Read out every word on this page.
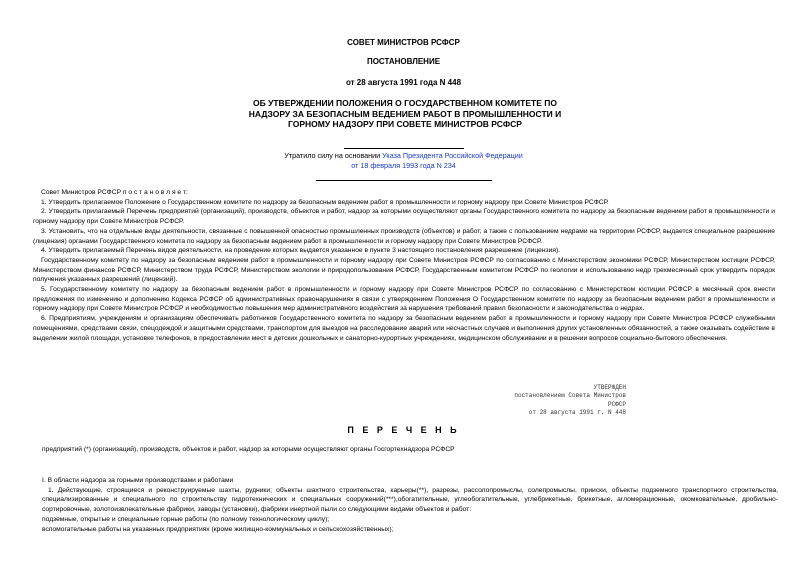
СОВЕТ МИНИСТРОВ РСФСР
ПОСТАНОВЛЕНИЕ
от 28 августа 1991 года N 448
ОБ УТВЕРЖДЕНИИ ПОЛОЖЕНИЯ О ГОСУДАРСТВЕННОМ КОМИТЕТЕ ПО НАДЗОРУ ЗА БЕЗОПАСНЫМ ВЕДЕНИЕМ РАБОТ В ПРОМЫШЛЕННОСТИ И ГОРНОМУ НАДЗОРУ ПРИ СОВЕТЕ МИНИСТРОВ РСФСР
Утратило силу на основании Указа Президента Российской Федерации
от 18 февраля 1993 года N 234

Совет Министров РСФСР п о с т а н о в л я е т:

1. Утвердить прилагаемое Положение о Государственном комитете по надзору за безопасным ведением работ в промышленности и горному надзору при Совете Министров РСФСР.

2. Утвердить прилагаемый Перечень предприятий (организаций), производств, объектов и работ, надзор за которыми осуществляют органы Государственного комитета по надзору за безопасным ведением работ в промышленности и горному надзору при Совете Министров РСФСР.

3. Установить, что на отдельные виды деятельности, связанные с повышенной опасностью промышленных производств (объектов) и работ, а также с пользованием недрами на территории РСФСР, выдается специальное разрешение (лицензия) органами Государственного комитета по надзору за безопасным ведением работ в промышленности и горному надзору при Совете Министров РСФСР.

4. Утвердить прилагаемый Перечень видов деятельности, на проведение которых выдается указанное в пункте 3 настоящего постановления разрешение (лицензия).

Государственному комитету по надзору за безопасным ведением работ в промышленности и горному надзору при Совете Министров РСФСР по согласованию с Министерством экономики РСФСР, Министерством юстиции РСФСР, Министерством финансов РСФСР, Министерством труда РСФСР, Министерством экологии и природопользования РСФСР, Государственным комитетом РСФСР по геологии и использованию недр трехмесячный срок утвердить порядок получения указанных разрешений (лицензий).

5. Государственному комитету по надзору за безопасным ведением работ в промышленности и горному надзору при Совете Министров РСФСР по согласованию с Министерством юстиции РСФСР в месячный срок внести предложения по изменению и дополнению Кодекса РСФСР об административных правонарушениях в связи с утверждением Положения О Государственном комитете по надзору за безопасным ведением работ в промышленности и горному надзору при Совете Министров РСФСР и необходимостью повышения мер административного воздействия за нарушения требований правил безопасности и законодательства о недрах.

6. Предприятиям, учреждениям и организациям обеспечивать работников Государственного комитета по надзору за безопасным ведением работ в промышленности и горному надзору при Совете Министров РСФСР служебными помещениями, средствами связи, спецодеждой и защитными средствами, транспортом для выездов на расследование аварий или несчастных случаев и выполнения других установленных обязанностей, а также оказывать содействие в выделении жилой площади, установке телефонов, в предоставлении мест в детских дошкольных и санаторно-курортных учреждениях, медицинском обслуживании и в решении вопросов социально-бытового обеспечения.

УТВЕРЖДЕН
постановлением Совета Министров
РСФСР
от 28 августа 1991 г. N 448
П Е Р Е Ч Е Н Ь
предприятий (*) (организаций), производств, объектов и работ, надзор за которыми осуществляют органы Госгортехнадзора РСФСР

I. В области надзора за горными производствами и работами

1. Действующие, строящиеся и реконструируемые шахты, рудники; объекты шахтного строительства, карьеры(**), разрезы, рассолопромыслы, солепромыслы, прииски, объекты подземного транспортного строительства, специализированные и специального по строительству гидротехнических и специальных сооружений(***),обогатительные, углеобогатительные, углебрикетные, брикетные, агломерационные, окомковательные, дробильно-сортировочные, золотоизвлекательные фабрики, заводы (установки), фабрики инертной пыли со следующими видами объектов и работ:

подземные, открытые и специальные горные работы (по полному технологическому циклу);

вспомогательные работы на указанных предприятиях (кроме жилищно-коммунальных и сельскохозяйственных);
